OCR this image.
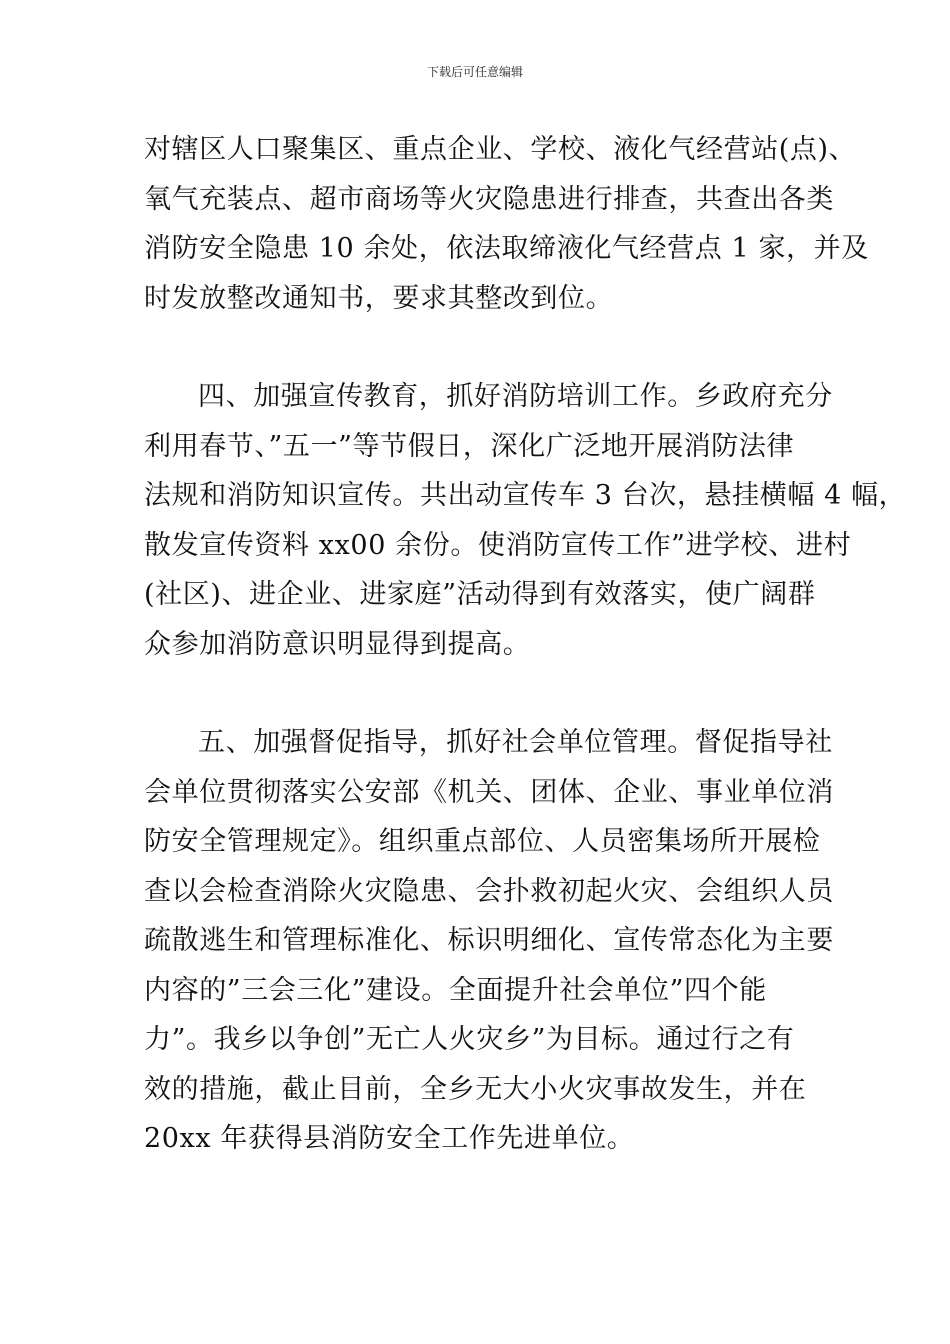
下载后可任意编辑
对辖区人口聚集区、重点企业、学校、液化气经营站(点)、
氧气充装点、超市商场等火灾隐患进行排查，共查出各类
消防安全隐患 10 余处，依法取缔液化气经营点 1 家，并及
时发放整改通知书，要求其整改到位。
四、加强宣传教育，抓好消防培训工作。乡政府充分
利用春节、”五一”等节假日，深化广泛地开展消防法律
法规和消防知识宣传。共出动宣传车 3 台次，悬挂横幅 4 幅，
散发宣传资料 xx00 余份。使消防宣传工作”进学校、进村
(社区)、进企业、进家庭”活动得到有效落实，使广阔群
众参加消防意识明显得到提高。
五、加强督促指导，抓好社会单位管理。督促指导社
会单位贯彻落实公安部《机关、团体、企业、事业单位消
防安全管理规定》。组织重点部位、人员密集场所开展检
查以会检查消除火灾隐患、会扑救初起火灾、会组织人员
疏散逃生和管理标准化、标识明细化、宣传常态化为主要
内容的”三会三化”建设。全面提升社会单位”四个能
力”。我乡以争创”无亡人火灾乡”为目标。通过行之有
效的措施，截止目前，全乡无大小火灾事故发生，并在
20xx 年获得县消防安全工作先进单位。
